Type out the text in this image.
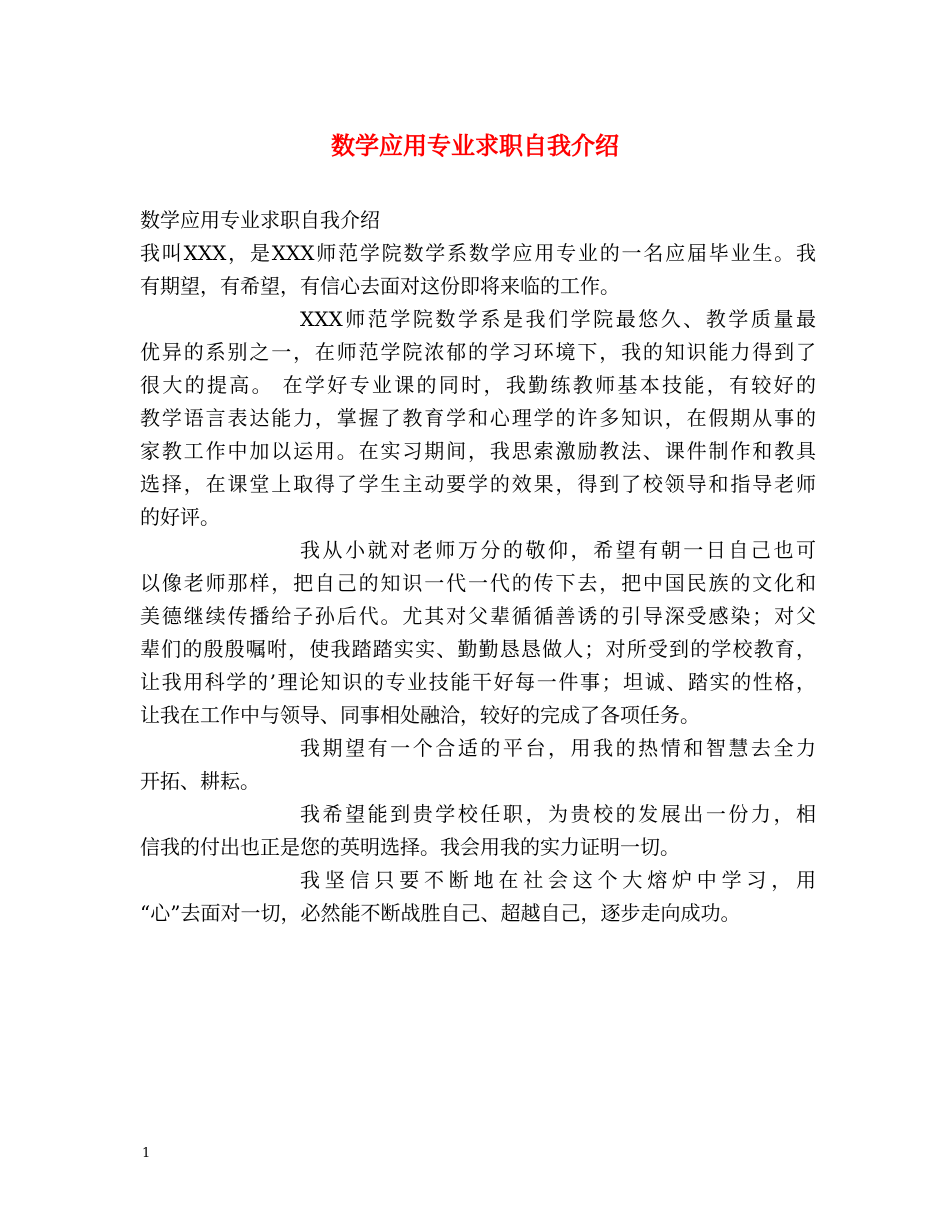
数学应用专业求职自我介绍
数学应用专业求职自我介绍
我叫XXX，是XXX师范学院数学系数学应用专业的一名应届毕业生。我
有期望，有希望，有信心去面对这份即将来临的工作。
XXX师范学院数学系是我们学院最悠久、教学质量最
优异的系别之一，在师范学院浓郁的学习环境下，我的知识能力得到了
很大的提高。 在学好专业课的同时，我勤练教师基本技能，有较好的
教学语言表达能力，掌握了教育学和心理学的许多知识，在假期从事的
家教工作中加以运用。在实习期间，我思索激励教法、课件制作和教具
选择，在课堂上取得了学生主动要学的效果，得到了校领导和指导老师
的好评。
我从小就对老师万分的敬仰，希望有朝一日自己也可
以像老师那样，把自己的知识一代一代的传下去，把中国民族的文化和
美德继续传播给子孙后代。尤其对父辈循循善诱的引导深受感染；对父
辈们的殷殷嘱咐，使我踏踏实实、勤勤恳恳做人；对所受到的学校教育，
让我用科学的’理论知识的专业技能干好每一件事；坦诚、踏实的性格，
让我在工作中与领导、同事相处融洽，较好的完成了各项任务。
我期望有一个合适的平台，用我的热情和智慧去全力
开拓、耕耘。
我希望能到贵学校任职，为贵校的发展出一份力，相
信我的付出也正是您的英明选择。我会用我的实力证明一切。
我坚信只要不断地在社会这个大熔炉中学习，用
“心”去面对一切，必然能不断战胜自己、超越自己，逐步走向成功。
1
